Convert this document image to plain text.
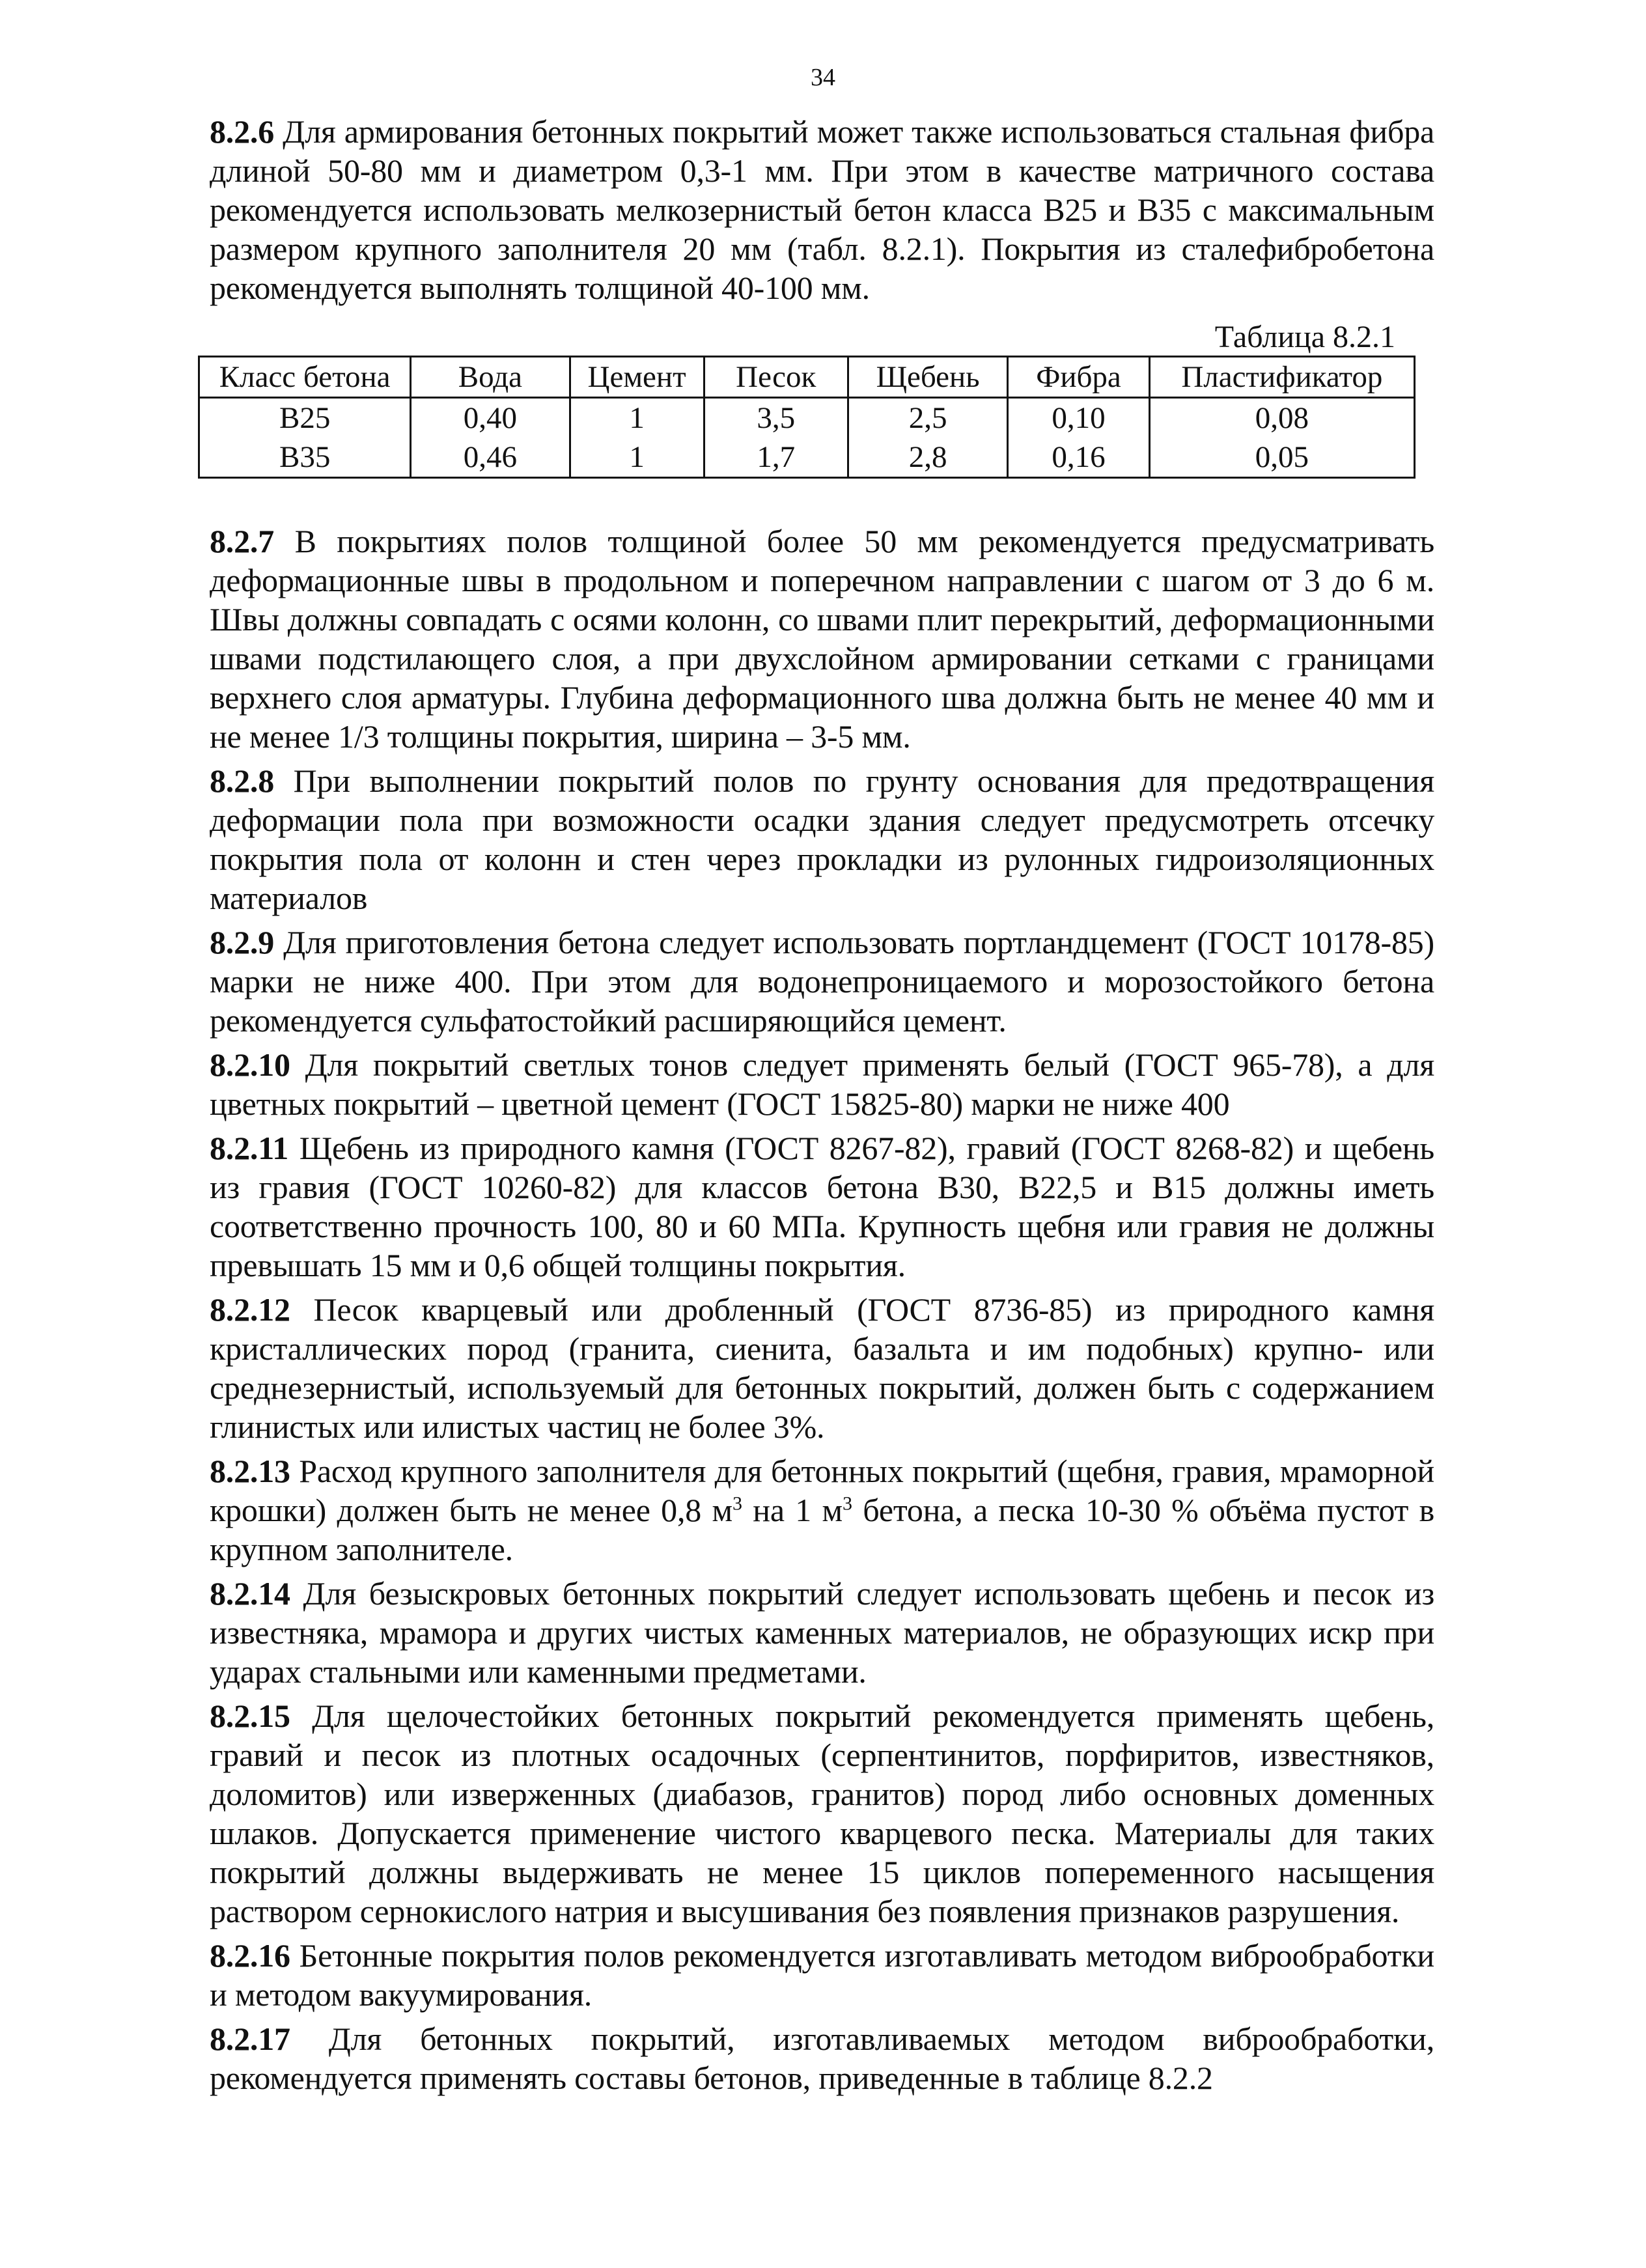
34

8.2.6 Для армирования бетонных покрытий может также использоваться стальная фибра длиной 50-80 мм и диаметром 0,3-1 мм. При этом в качестве матричного состава рекомендуется использовать мелкозернистый бетон класса В25 и В35 с максимальным размером крупного заполнителя 20 мм (табл. 8.2.1). Покрытия из сталефибробетона рекомендуется выполнять толщиной 40-100 мм.

Таблица 8.2.1
Класс бетона	Вода	Цемент	Песок	Щебень	Фибра	Пластификатор
В25	0,40	1	3,5	2,5	0,10	0,08
В35	0,46	1	1,7	2,8	0,16	0,05

8.2.7 В покрытиях полов толщиной более 50 мм рекомендуется предусматривать деформационные швы в продольном и поперечном направлении с шагом от 3 до 6 м. Швы должны совпадать с осями колонн, со швами плит перекрытий, деформационными швами подстилающего слоя, а при двухслойном армировании сетками с границами верхнего слоя арматуры. Глубина деформационного шва должна быть не менее 40 мм и не менее 1/3 толщины покрытия, ширина – 3-5 мм.

8.2.8 При выполнении покрытий полов по грунту основания для предотвращения деформации пола при возможности осадки здания следует предусмотреть отсечку покрытия пола от колонн и стен через прокладки из рулонных гидроизоляционных материалов

8.2.9 Для приготовления бетона следует использовать портландцемент (ГОСТ 10178-85) марки не ниже 400. При этом для водонепроницаемого и морозостойкого бетона рекомендуется сульфатостойкий расширяющийся цемент.

8.2.10 Для покрытий светлых тонов следует применять белый (ГОСТ 965-78), а для цветных покрытий – цветной цемент (ГОСТ 15825-80) марки не ниже 400

8.2.11 Щебень из природного камня (ГОСТ 8267-82), гравий (ГОСТ 8268-82) и щебень из гравия (ГОСТ 10260-82) для классов бетона В30, В22,5 и В15 должны иметь соответственно прочность 100, 80 и 60 МПа. Крупность щебня или гравия не должны превышать 15 мм и 0,6 общей толщины покрытия.

8.2.12 Песок кварцевый или дробленный (ГОСТ 8736-85) из природного камня кристаллических пород (гранита, сиенита, базальта и им подобных) крупно- или среднезернистый, используемый для бетонных покрытий, должен быть с содержанием глинистых или илистых частиц не более 3%.

8.2.13 Расход крупного заполнителя для бетонных покрытий (щебня, гравия, мраморной крошки) должен быть не менее 0,8 $м^3$ на 1 $м^3$ бетона, а песка 10-30 % объёма пустот в крупном заполнителе.

8.2.14 Для безыскровых бетонных покрытий следует использовать щебень и песок из известняка, мрамора и других чистых каменных материалов, не образующих искр при ударах стальными или каменными предметами.

8.2.15 Для щелочестойких бетонных покрытий рекомендуется применять щебень, гравий и песок из плотных осадочных (серпентинитов, порфиритов, известняков, доломитов) или изверженных (диабазов, гранитов) пород либо основных доменных шлаков. Допускается применение чистого кварцевого песка. Материалы для таких покрытий должны выдерживать не менее 15 циклов попеременного насыщения раствором сернокислого натрия и высушивания без появления признаков разрушения.

8.2.16 Бетонные покрытия полов рекомендуется изготавливать методом виброобработки и методом вакуумирования.

8.2.17 Для бетонных покрытий, изготавливаемых методом виброобработки, рекомендуется применять составы бетонов, приведенные в таблице 8.2.2
